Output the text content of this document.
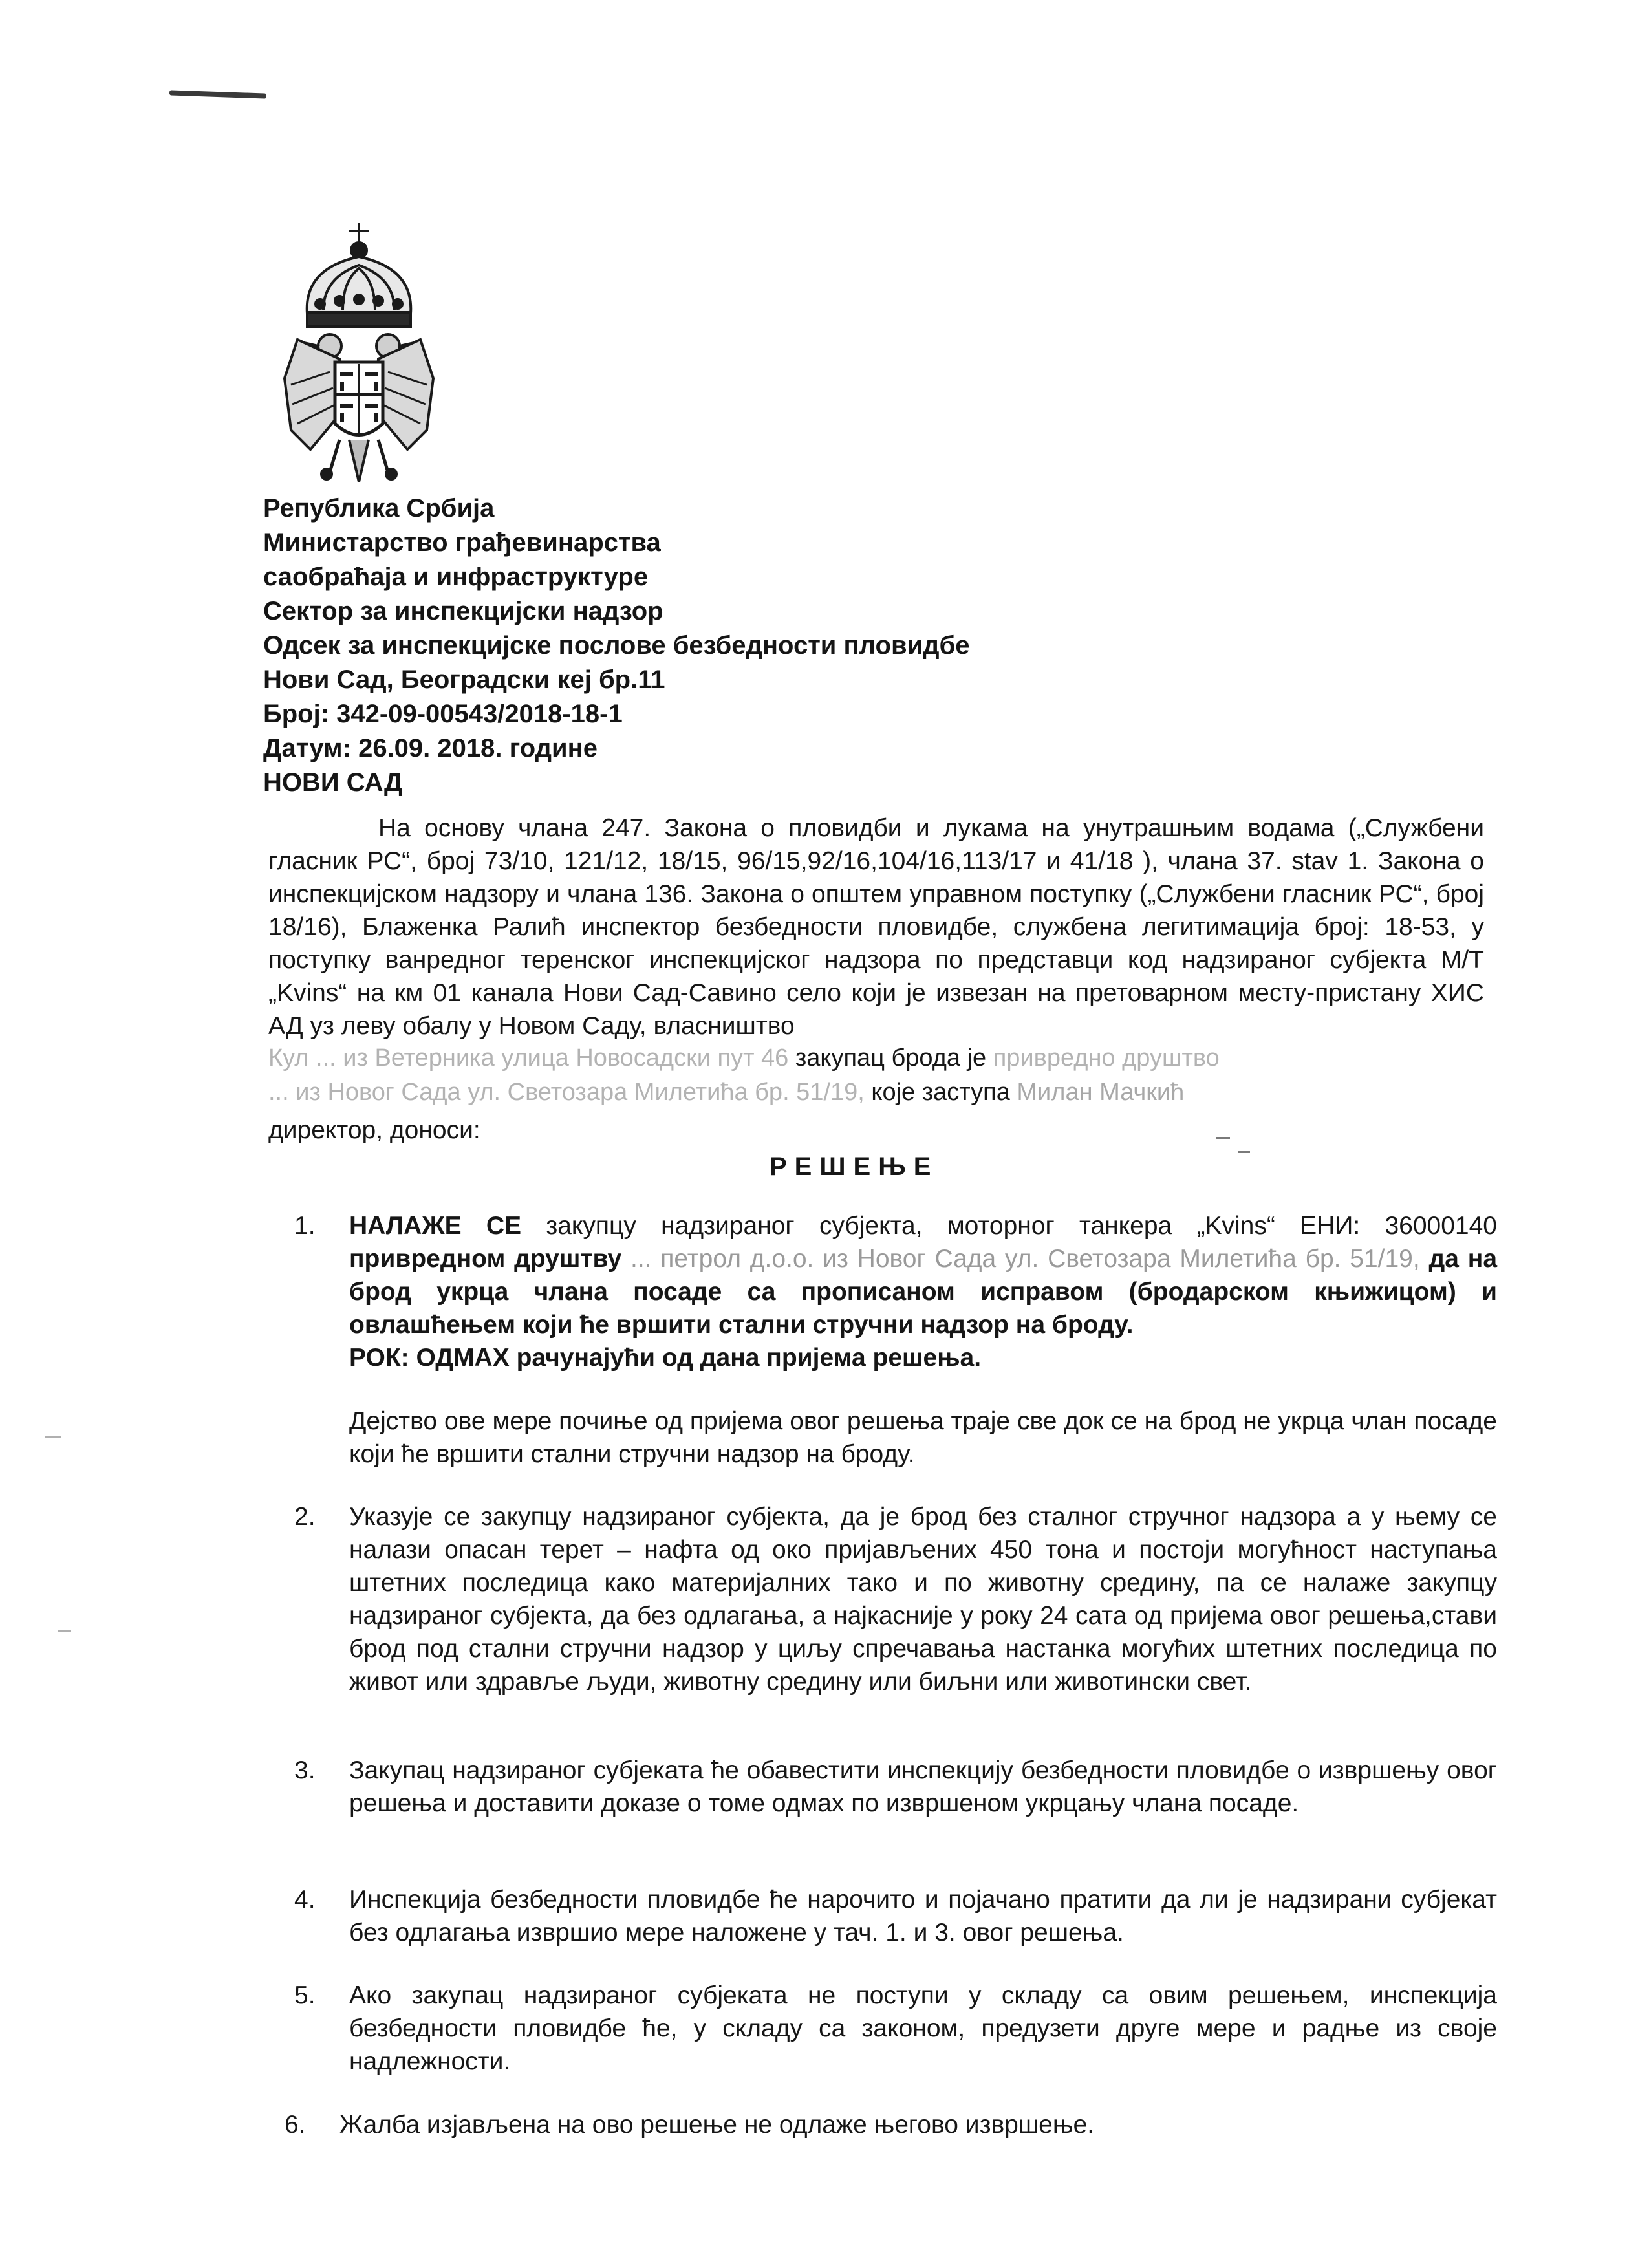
Република Србија
Министарство грађевинарства
саобраћаја и инфраструктуре
Сектор за инспекцијски надзор
Одсек за инспекцијске послове безбедности пловидбе
Нови Сад, Београдски кеј бр.11
Број: 342-09-00543/2018-18-1
Датум: 26.09. 2018. године
НОВИ САД
На основу члана 247. Закона о пловидби и лукама на унутрашњим водама („Службени гласник РС“, број 73/10, 121/12, 18/15, 96/15,92/16,104/16,113/17 и 41/18 ), члана 37. stav 1. Закона о инспекцијском надзору и члана 136. Закона о општем управном поступку („Службени гласник РС“, број 18/16), Блаженка Ралић инспектор безбедности пловидбе, службена легитимација број: 18-53, у поступку ванредног теренског инспекцијског надзора по представци код надзираног субјекта М/Т „Kvins“ на км 01 канала Нови Сад-Савино село који је извезан на претоварном месту-пристану ХИС АД уз леву обалу у Новом Саду, власништво
Кул ... из Ветерника улица Новосадски пут 46 закупац брода је привредно друштво
... из Новог Сада ул. Светозара Милетића бр. 51/19, које заступа Милан Мачкић
директор, доноси:
РЕШЕЊЕ
1.	НАЛАЖЕ СЕ закупцу надзираног субјекта, моторног танкера „Kvins“ ЕНИ: 36000140 привредном друштву ... петрол д.о.о. из Новог Сада ул. Светозара Милетића бр. 51/19, да на брод укрца члана посаде са прописаном исправом (бродарском књижицом) и овлашћењем који ће вршити стални стручни надзор на броду.
РОК: ОДМАХ рачунајући од дана пријема решења.
Дејство ове мере почиње од пријема овог решења траје све док се на брод не укрца члан посаде који ће вршити стални стручни надзор на броду.
2.	Указује се закупцу надзираног субјекта, да је брод без сталног стручног надзора а у њему се налази опасан терет – нафта од око пријављених 450 тона и постоји могућност наступања штетних последица како материјалних тако и по животну средину, па се налаже закупцу надзираног субјекта, да без одлагања, а најкасније у року 24 сата од пријема овог решења,стави брод под стални стручни надзор у циљу спречавања настанка могућих штетних последица по живот или здравље људи, животну средину или биљни или животински свет.
3.	Закупац надзираног субјеката ће обавестити инспекцију безбедности пловидбе о извршењу овог решења и доставити доказе о томе одмах по извршеном укрцању члана посаде.
4.	Инспекција безбедности пловидбе ће нарочито и појачано пратити да ли је надзирани субјекат без одлагања извршио мере наложене у тач. 1. и 3. овог решења.
5.	Ако закупац надзираног субјеката не поступи у складу са овим решењем, инспекција безбедности пловидбе ће, у складу са законом, предузети друге мере и радње из своје надлежности.
6.	Жалба изјављена на ово решење не одлаже његово извршење.
